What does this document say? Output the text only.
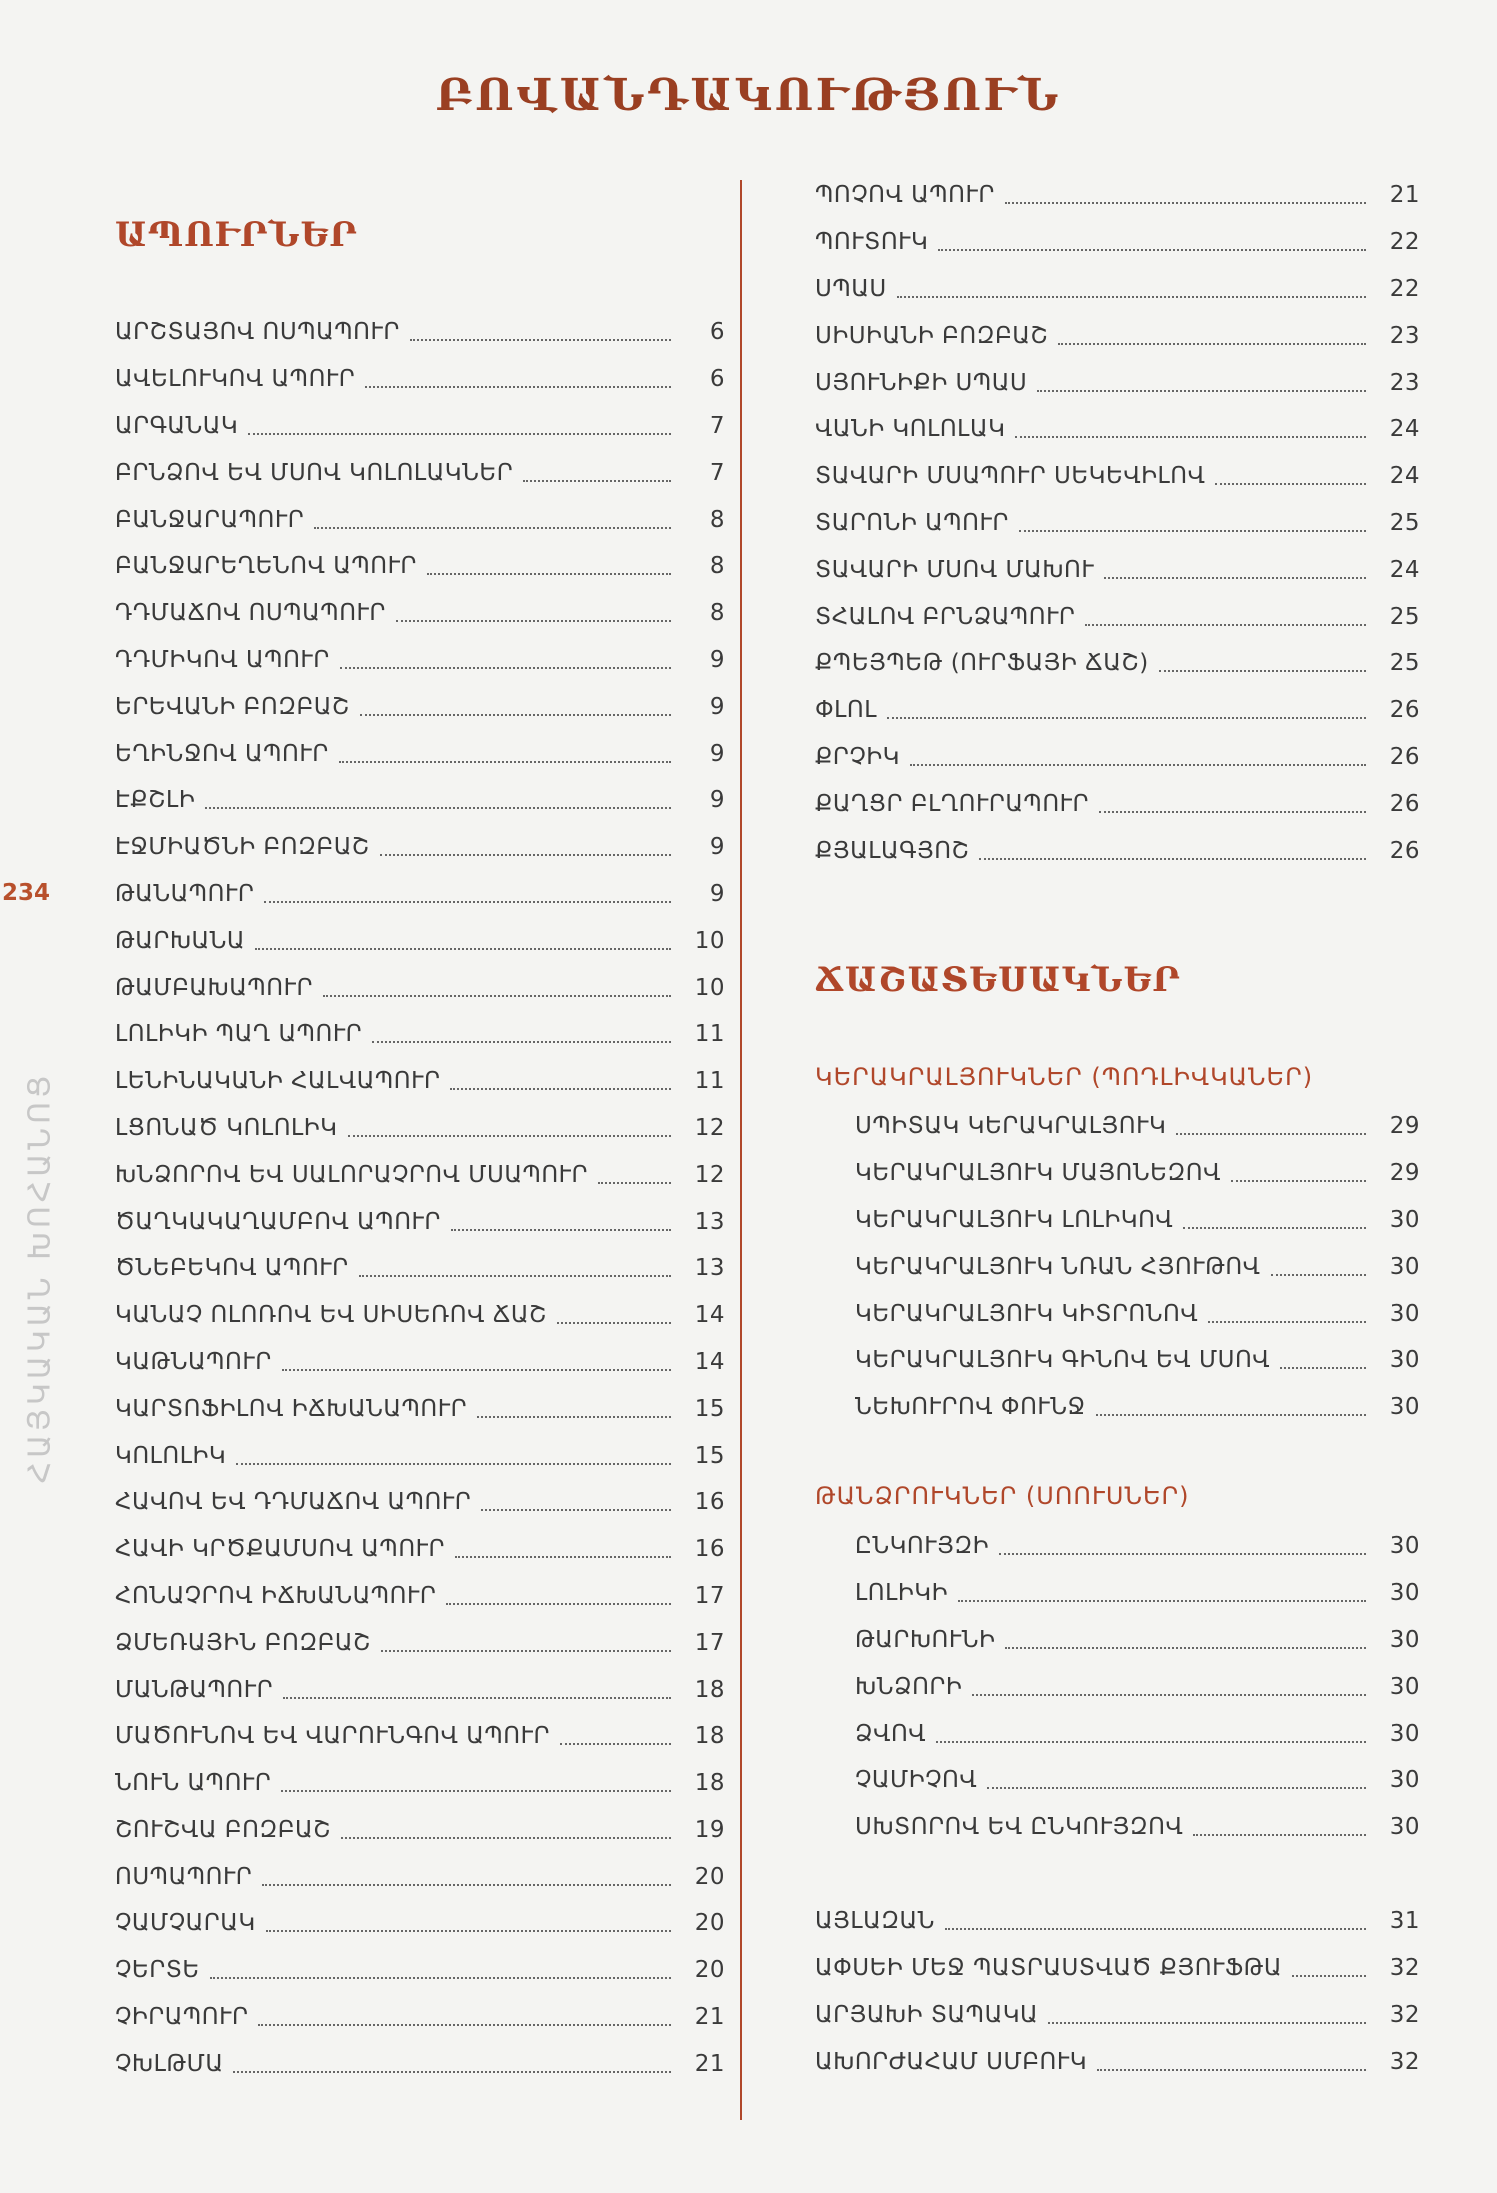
ԲՈՎԱՆԴԱԿՈՒԹՅՈՒՆ
234
ՀԱՅԿԱԿԱՆ ԽՈՀԱՆՈՑ
ԱՊՈՒՐՆԵՐ
ԱՐՇՏԱՅՈՎ ՈՍՊԱՊՈՒՐ	6
ԱՎԵԼՈՒԿՈՎ ԱՊՈՒՐ	6
ԱՐԳԱՆԱԿ	7
ԲՐՆՁՈՎ ԵՎ ՄՍՈՎ ԿՈԼՈԼԱԿՆԵՐ	7
ԲԱՆՋԱՐԱՊՈՒՐ	8
ԲԱՆՋԱՐԵՂԵՆՈՎ ԱՊՈՒՐ	8
ԴԴՄԱՃՈՎ ՈՍՊԱՊՈՒՐ	8
ԴԴՄԻԿՈՎ ԱՊՈՒՐ	9
ԵՐԵՎԱՆԻ ԲՈԶԲԱՇ	9
ԵՂԻՆՋՈՎ ԱՊՈՒՐ	9
ԷՔՇԼԻ	9
ԷՋՄԻԱԾՆԻ ԲՈԶԲԱՇ	9
ԹԱՆԱՊՈՒՐ	9
ԹԱՐԽԱՆԱ	10
ԹԱՄԲԱԽԱՊՈՒՐ	10
ԼՈԼԻԿԻ ՊԱՂ ԱՊՈՒՐ	11
ԼԵՆԻՆԱԿԱՆԻ ՀԱԼՎԱՊՈՒՐ	11
ԼՑՈՆԱԾ ԿՈԼՈԼԻԿ	12
ԽՆՁՈՐՈՎ ԵՎ ՍԱԼՈՐԱՉՐՈՎ ՄՍԱՊՈՒՐ	12
ԾԱՂԿԱԿԱՂԱՄԲՈՎ ԱՊՈՒՐ	13
ԾՆԵԲԵԿՈՎ ԱՊՈՒՐ	13
ԿԱՆԱՉ ՈԼՈՌՈՎ ԵՎ ՍԻՍԵՌՈՎ ՃԱՇ	14
ԿԱԹՆԱՊՈՒՐ	14
ԿԱՐՏՈՖԻԼՈՎ ԻՃԽԱՆԱՊՈՒՐ	15
ԿՈԼՈԼԻԿ	15
ՀԱՎՈՎ ԵՎ ԴԴՄԱՃՈՎ ԱՊՈՒՐ	16
ՀԱՎԻ ԿՐԾՔԱՄՍՈՎ ԱՊՈՒՐ	16
ՀՈՆԱՉՐՈՎ ԻՃԽԱՆԱՊՈՒՐ	17
ՁՄԵՌԱՅԻՆ ԲՈԶԲԱՇ	17
ՄԱՆԹԱՊՈՒՐ	18
ՄԱԾՈՒՆՈՎ ԵՎ ՎԱՐՈՒՆԳՈՎ ԱՊՈՒՐ	18
ՆՈՒՆ ԱՊՈՒՐ	18
ՇՈՒՇՎԱ ԲՈԶԲԱՇ	19
ՈՍՊԱՊՈՒՐ	20
ՉԱՄՉԱՐԱԿ	20
ՉԵՐՏԵ	20
ՉԻՐԱՊՈՒՐ	21
ՉԽԼԹՄԱ	21
ՊՈՉՈՎ ԱՊՈՒՐ	21
ՊՈՒՏՈՒԿ	22
ՍՊԱՍ	22
ՍԻՍԻԱՆԻ ԲՈԶԲԱՇ	23
ՍՅՈՒՆԻՔԻ ՍՊԱՍ	23
ՎԱՆԻ ԿՈԼՈԼԱԿ	24
ՏԱՎԱՐԻ ՄՍԱՊՈՒՐ ՍԵԿԵՎԻԼՈՎ	24
ՏԱՐՈՆԻ ԱՊՈՒՐ	25
ՏԱՎԱՐԻ ՄՍՈՎ ՄԱԽՈՒ	24
ՏՀԱԼՈՎ ԲՐՆՁԱՊՈՒՐ	25
ՔՊԵՅՊԵԹ (ՈՒՐՖԱՅԻ ՃԱՇ)	25
ՓԼՈԼ	26
ՔՐՉԻԿ	26
ՔԱՂՑՐ ԲԼՂՈՒՐԱՊՈՒՐ	26
ՔՅԱԼԱԳՅՈՇ	26
ՃԱՇԱՏԵՍԱԿՆԵՐ
ԿԵՐԱԿՐԱԼՅՈՒԿՆԵՐ (ՊՈԴԼԻՎԿԱՆԵՐ)
ՍՊԻՏԱԿ ԿԵՐԱԿՐԱԼՅՈՒԿ	29
ԿԵՐԱԿՐԱԼՅՈՒԿ ՄԱՅՈՆԵԶՈՎ	29
ԿԵՐԱԿՐԱԼՅՈՒԿ ԼՈԼԻԿՈՎ	30
ԿԵՐԱԿՐԱԼՅՈՒԿ ՆՌԱՆ ՀՅՈՒԹՈՎ	30
ԿԵՐԱԿՐԱԼՅՈՒԿ ԿԻՏՐՈՆՈՎ	30
ԿԵՐԱԿՐԱԼՅՈՒԿ ԳԻՆՈՎ ԵՎ ՄՍՈՎ	30
ՆԵԽՈՒՐՈՎ ՓՈՒՆՋ	30
ԹԱՆՁՐՈՒԿՆԵՐ (ՍՈՈՒՍՆԵՐ)
ԸՆԿՈՒՅԶԻ	30
ԼՈԼԻԿԻ	30
ԹԱՐԽՈՒՆԻ	30
ԽՆՁՈՐԻ	30
ՁՎՈՎ	30
ՉԱՄԻՉՈՎ	30
ՍԽՏՈՐՈՎ ԵՎ ԸՆԿՈՒՅԶՈՎ	30
ԱՅԼԱԶԱՆ	31
ԱՓՍԵԻ ՄԵՋ ՊԱՏՐԱՍՏՎԱԾ ՔՅՈՒՖԹԱ	32
ԱՐՅԱԽԻ ՏԱՊԱԿԱ	32
ԱԽՈՐԺԱՀԱՄ ՍՄԲՈՒԿ	32
